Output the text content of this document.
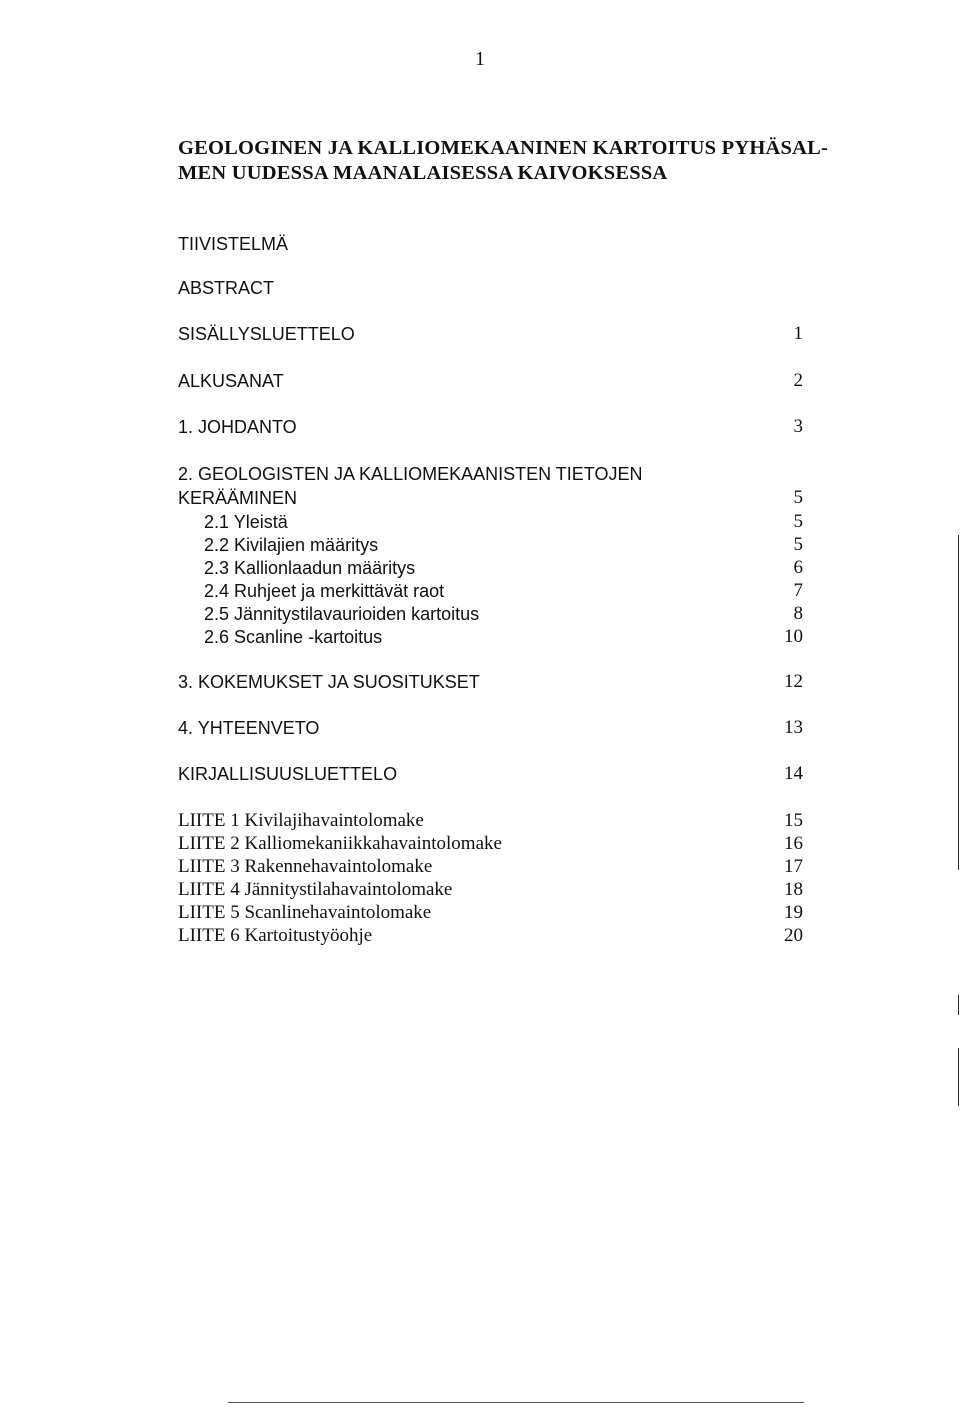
1
GEOLOGINEN JA KALLIOMEKAANINEN KARTOITUS PYHÄSAL-
MEN UUDESSA MAANALAISESSA KAIVOKSESSA
TIIVISTELMÄ
ABSTRACT
SISÄLLYSLUETTELO	1
ALKUSANAT	2
1. JOHDANTO	3
2. GEOLOGISTEN JA KALLIOMEKAANISTEN TIETOJEN
KERÄÄMINEN	5
2.1 Yleistä	5
2.2 Kivilajien määritys	5
2.3 Kallionlaadun määritys	6
2.4 Ruhjeet ja merkittävät raot	7
2.5 Jännitystilavaurioiden kartoitus	8
2.6 Scanline -kartoitus	10
3. KOKEMUKSET JA SUOSITUKSET	12
4. YHTEENVETO	13
KIRJALLISUUSLUETTELO	14
LIITE 1 Kivilajihavaintolomake	15
LIITE 2 Kalliomekaniikkahavaintolomake	16
LIITE 3 Rakennehavaintolomake	17
LIITE 4 Jännitystilahavaintolomake	18
LIITE 5 Scanlinehavaintolomake	19
LIITE 6 Kartoitustyöohje	20
